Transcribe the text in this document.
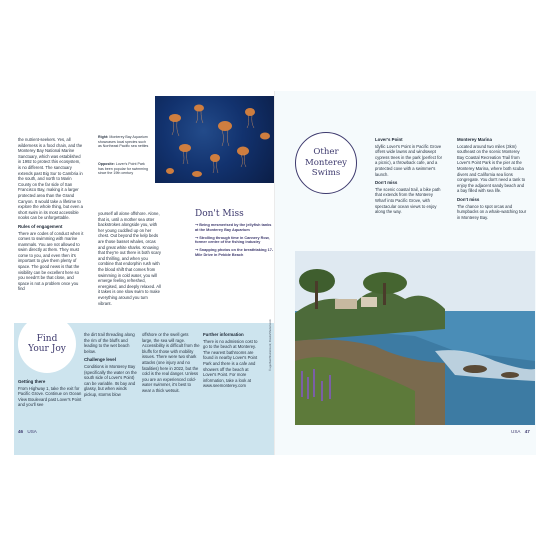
the nutrient-seekers. Yes, all wilderness is a food chain, and the Monterey Bay National Marine Sanctuary, which was established in 1992 to protect this ecosystem, is no different. The sanctuary extends past Big Sur to Cambria in the south, and north to Marin County on the far side of San Francisco Bay, making it a larger protected area than the Grand Canyon. It would take a lifetime to explore the whole thing, but even a short swim in its most accessible nooks can be unforgettable.

Rules of engagement

There are codes of conduct when it comes to swimming with marine mammals. You are not allowed to swim directly at them. They must come to you, and even then it's important to give them plenty of space. The good news is that the visibility can be excellent here so you needn't be that close, and space is not a problem once you find

Right: Monterey Bay Aquarium showcases local species such as Northeast Pacific sea nettles
Opposite: Lover's Point Park has been popular for swimming since the 19th century

yourself all alone offshore. Alone, that is, until a mother sea otter backstrokes alongside you, with her young cuddled up on her chest. Out beyond the kelp beds are those basset whales, orcas and great white sharks. Knowing that they're out there is both scary and thrilling, and when you combine that endorphin rush with the blood shift that comes from swimming in cold water, you will emerge feeling refreshed, energised, and deeply relaxed. All it takes is one slow swim to make everything around you turn vibrant.

Don't Miss
➞ Being mesmerised by the jellyfish tanks at the Monterey Bay Aquarium
➞ Strolling through time in Cannery Row, former centre of the fishing industry
➞ Snapping photos on the breathtaking 17-Mile Drive in Pebble Beach
Find
Your Joy
Getting there

From Highway 1, take the exit for Pacific Grove. Continue on Ocean View Boulevard past Lover's Point and you'll see

the dirt trail threading along the rim of the bluffs and leading to the wet beach below.

Challenge level

Conditions in Monterey Bay (specifically the water on the south side of Lover's Point) can be variable. Its bay and glassy, but when winds pickup, storms blow

offshore or the swell gets large, the sea will rage. Accessibility is difficult from the bluffs for those with mobility issues. There were two shark attacks (one injury and no fatalities) here in 2022, but the cold is the real danger. Unless you are an experienced cold-water swimmer, it's best to wear a thick wetsuit.

Further information

There is no admission cost to go to the beach at Monterey. The nearest bathrooms are found in nearby Lover's Point Park and there is a cafe and showers off the beach at Lover's Point. For more information, take a look at www.seemonterey.com

© ugurhan/Shutterstock; Pexels/Shutterstock
46 USA
Other
Monterey
Swims
Lover's Point

Idyllic Lover's Point in Pacific Grove offers wide lawns and windswept cypress trees in the park (perfect for a picnic), a throwback cafe, and a protected cove with a swimmer's launch.

Don't miss

The scenic coastal trail, a bike path that extends from the Monterey Wharf into Pacific Grove, with spectacular ocean views to enjoy along the way.

Monterey Marina

Located around two miles (3km) southeast on the scenic Monterey Bay Coastal Recreation Trail from Lover's Point Park is the pier at the Monterey Marina, where both scuba divers and California sea lions congregate. You don't need a tank to enjoy the adjacent sandy beach and a bay filled with sea life.

Don't miss

The chance to spot orcas and humpbacks on a whale-watching tour in Monterey Bay.

USA 47
